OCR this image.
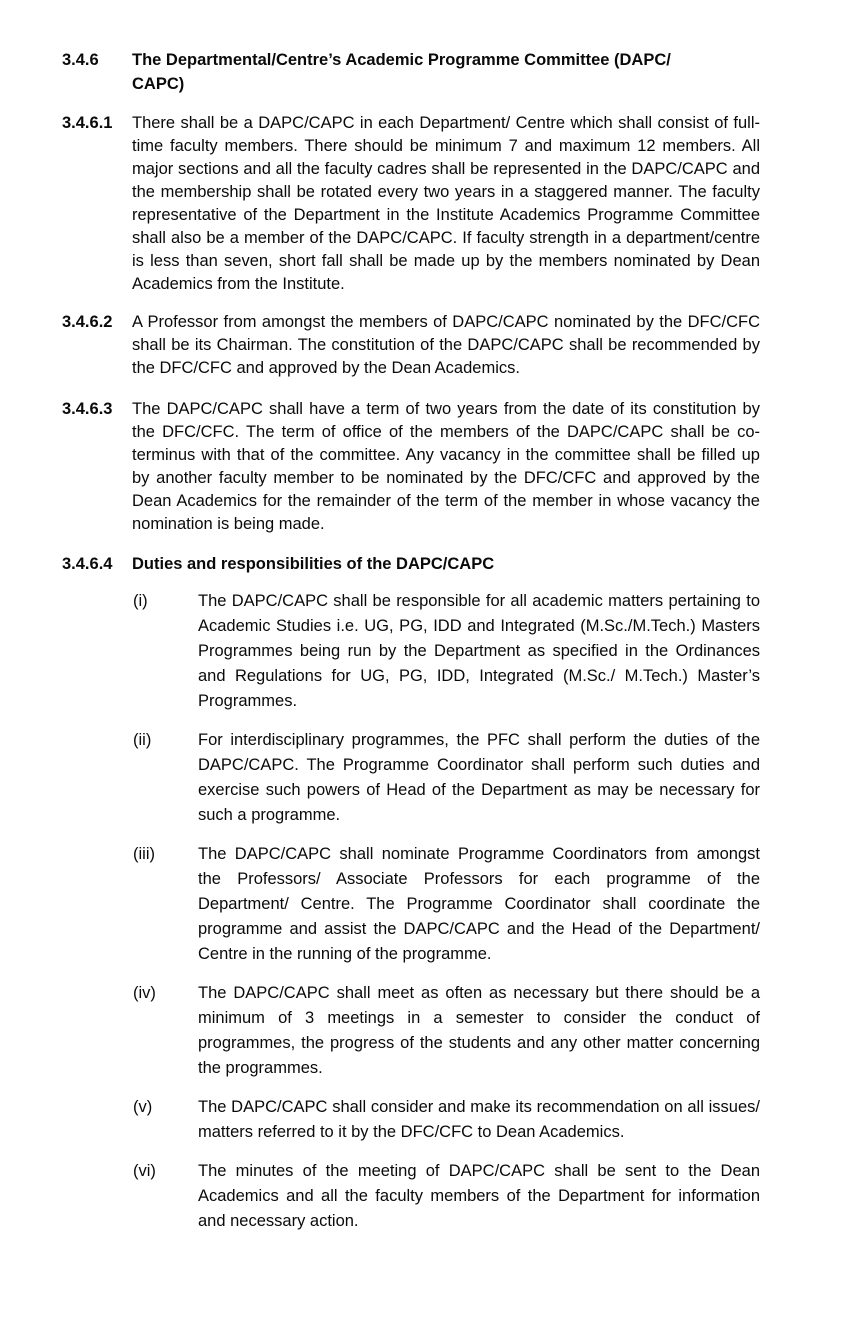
3.4.6	The Departmental/Centre’s Academic Programme Committee (DAPC/ CAPC)
3.4.6.1	There shall be a DAPC/CAPC in each Department/ Centre which shall consist of full-time faculty members. There should be minimum 7 and maximum 12 members. All major sections and all the faculty cadres shall be represented in the DAPC/CAPC and the membership shall be rotated every two years in a staggered manner. The faculty representative of the Department in the Institute Academics Programme Committee shall also be a member of the DAPC/CAPC. If faculty strength in a department/centre is less than seven, short fall shall be made up by the members nominated by Dean Academics from the Institute.
3.4.6.2	A Professor from amongst the members of DAPC/CAPC nominated by the DFC/CFC shall be its Chairman. The constitution of the DAPC/CAPC shall be recommended by the DFC/CFC and approved by the Dean Academics.
3.4.6.3	The DAPC/CAPC shall have a term of two years from the date of its constitution by the DFC/CFC. The term of office of the members of the DAPC/CAPC shall be co-terminus with that of the committee. Any vacancy in the committee shall be filled up by another faculty member to be nominated by the DFC/CFC and approved by the Dean Academics for the remainder of the term of the member in whose vacancy the nomination is being made.
3.4.6.4	Duties and responsibilities of the DAPC/CAPC
(i)	The DAPC/CAPC shall be responsible for all academic matters pertaining to Academic Studies i.e. UG, PG, IDD and Integrated (M.Sc./M.Tech.) Masters Programmes being run by the Department as specified in the Ordinances and Regulations for UG, PG, IDD, Integrated (M.Sc./ M.Tech.) Master’s Programmes.
(ii)	For interdisciplinary programmes, the PFC shall perform the duties of the DAPC/CAPC. The Programme Coordinator shall perform such duties and exercise such powers of Head of the Department as may be necessary for such a programme.
(iii)	The DAPC/CAPC shall nominate Programme Coordinators from amongst the Professors/ Associate Professors for each programme of the Department/ Centre. The Programme Coordinator shall coordinate the programme and assist the DAPC/CAPC and the Head of the Department/ Centre in the running of the programme.
(iv)	The DAPC/CAPC shall meet as often as necessary but there should be a minimum of 3 meetings in a semester to consider the conduct of programmes, the progress of the students and any other matter concerning the programmes.
(v)	The DAPC/CAPC shall consider and make its recommendation on all issues/ matters referred to it by the DFC/CFC to Dean Academics.
(vi)	The minutes of the meeting of DAPC/CAPC shall be sent to the Dean Academics and all the faculty members of the Department for information and necessary action.
